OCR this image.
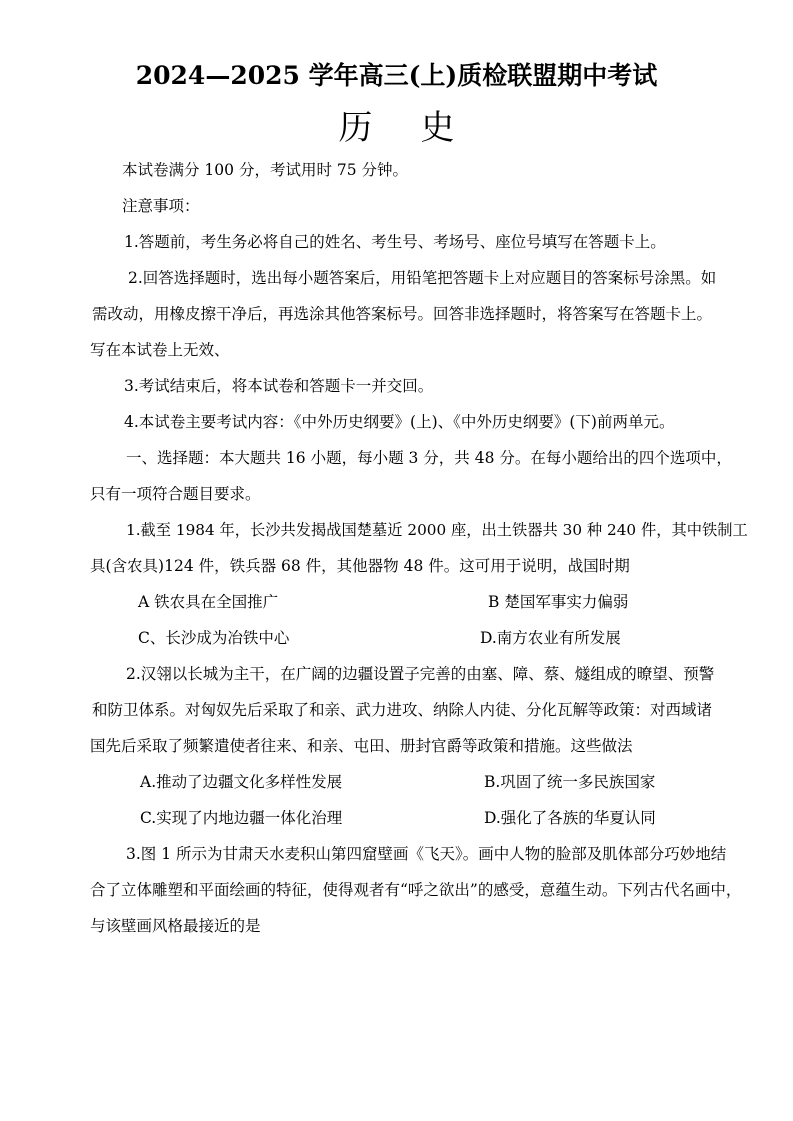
2024—2025 学年高三(上)质检联盟期中考试
历史
本试卷满分 100 分，考试用时 75 分钟。
注意事项：
1.答题前，考生务必将自己的姓名、考生号、考场号、座位号填写在答题卡上。
2.回答选择题时，选出每小题答案后，用铅笔把答题卡上对应题目的答案标号涂黑。如
需改动，用橡皮擦干净后，再选涂其他答案标号。回答非选择题时，将答案写在答题卡上。
写在本试卷上无效、
3.考试结束后，将本试卷和答题卡一并交回。
4.本试卷主要考试内容：《中外历史纲要》(上)、《中外历史纲要》(下)前两单元。
一、选择题：本大题共 16 小题，每小题 3 分，共 48 分。在每小题给出的四个选项中，
只有一项符合题目要求。
1.截至 1984 年，长沙共发揭战国楚墓近 2000 座，出土铁器共 30 种 240 件，其中铁制工
具(含农具)124 件，铁兵器 68 件，其他器物 48 件。这可用于说明，战国时期
A 铁农具在全国推广	B 楚国军事实力偏弱
C、长沙成为冶铁中心	D.南方农业有所发展
2.汉翎以长城为主干，在广阔的边疆设置子完善的由塞、障、蔡、燧组成的暸望、预警
和防卫体系。对匈奴先后采取了和亲、武力进攻、纳除人内徒、分化瓦解等政策：对西域诸
国先后采取了频繁遣使者往来、和亲、屯田、册封官爵等政策和措施。这些做法
A.推动了边疆文化多样性发展	B.巩固了统一多民族国家
C.实现了内地边疆一体化治理	D.强化了各族的华夏认同
3.图 1 所示为甘肃天水麦积山第四窟壁画《飞天》。画中人物的脸部及肌体部分巧妙地结
合了立体雕塑和平面绘画的特征，使得观者有“呼之欲出”的感受，意蕴生动。下列古代名画中，
与该壁画风格最接近的是
